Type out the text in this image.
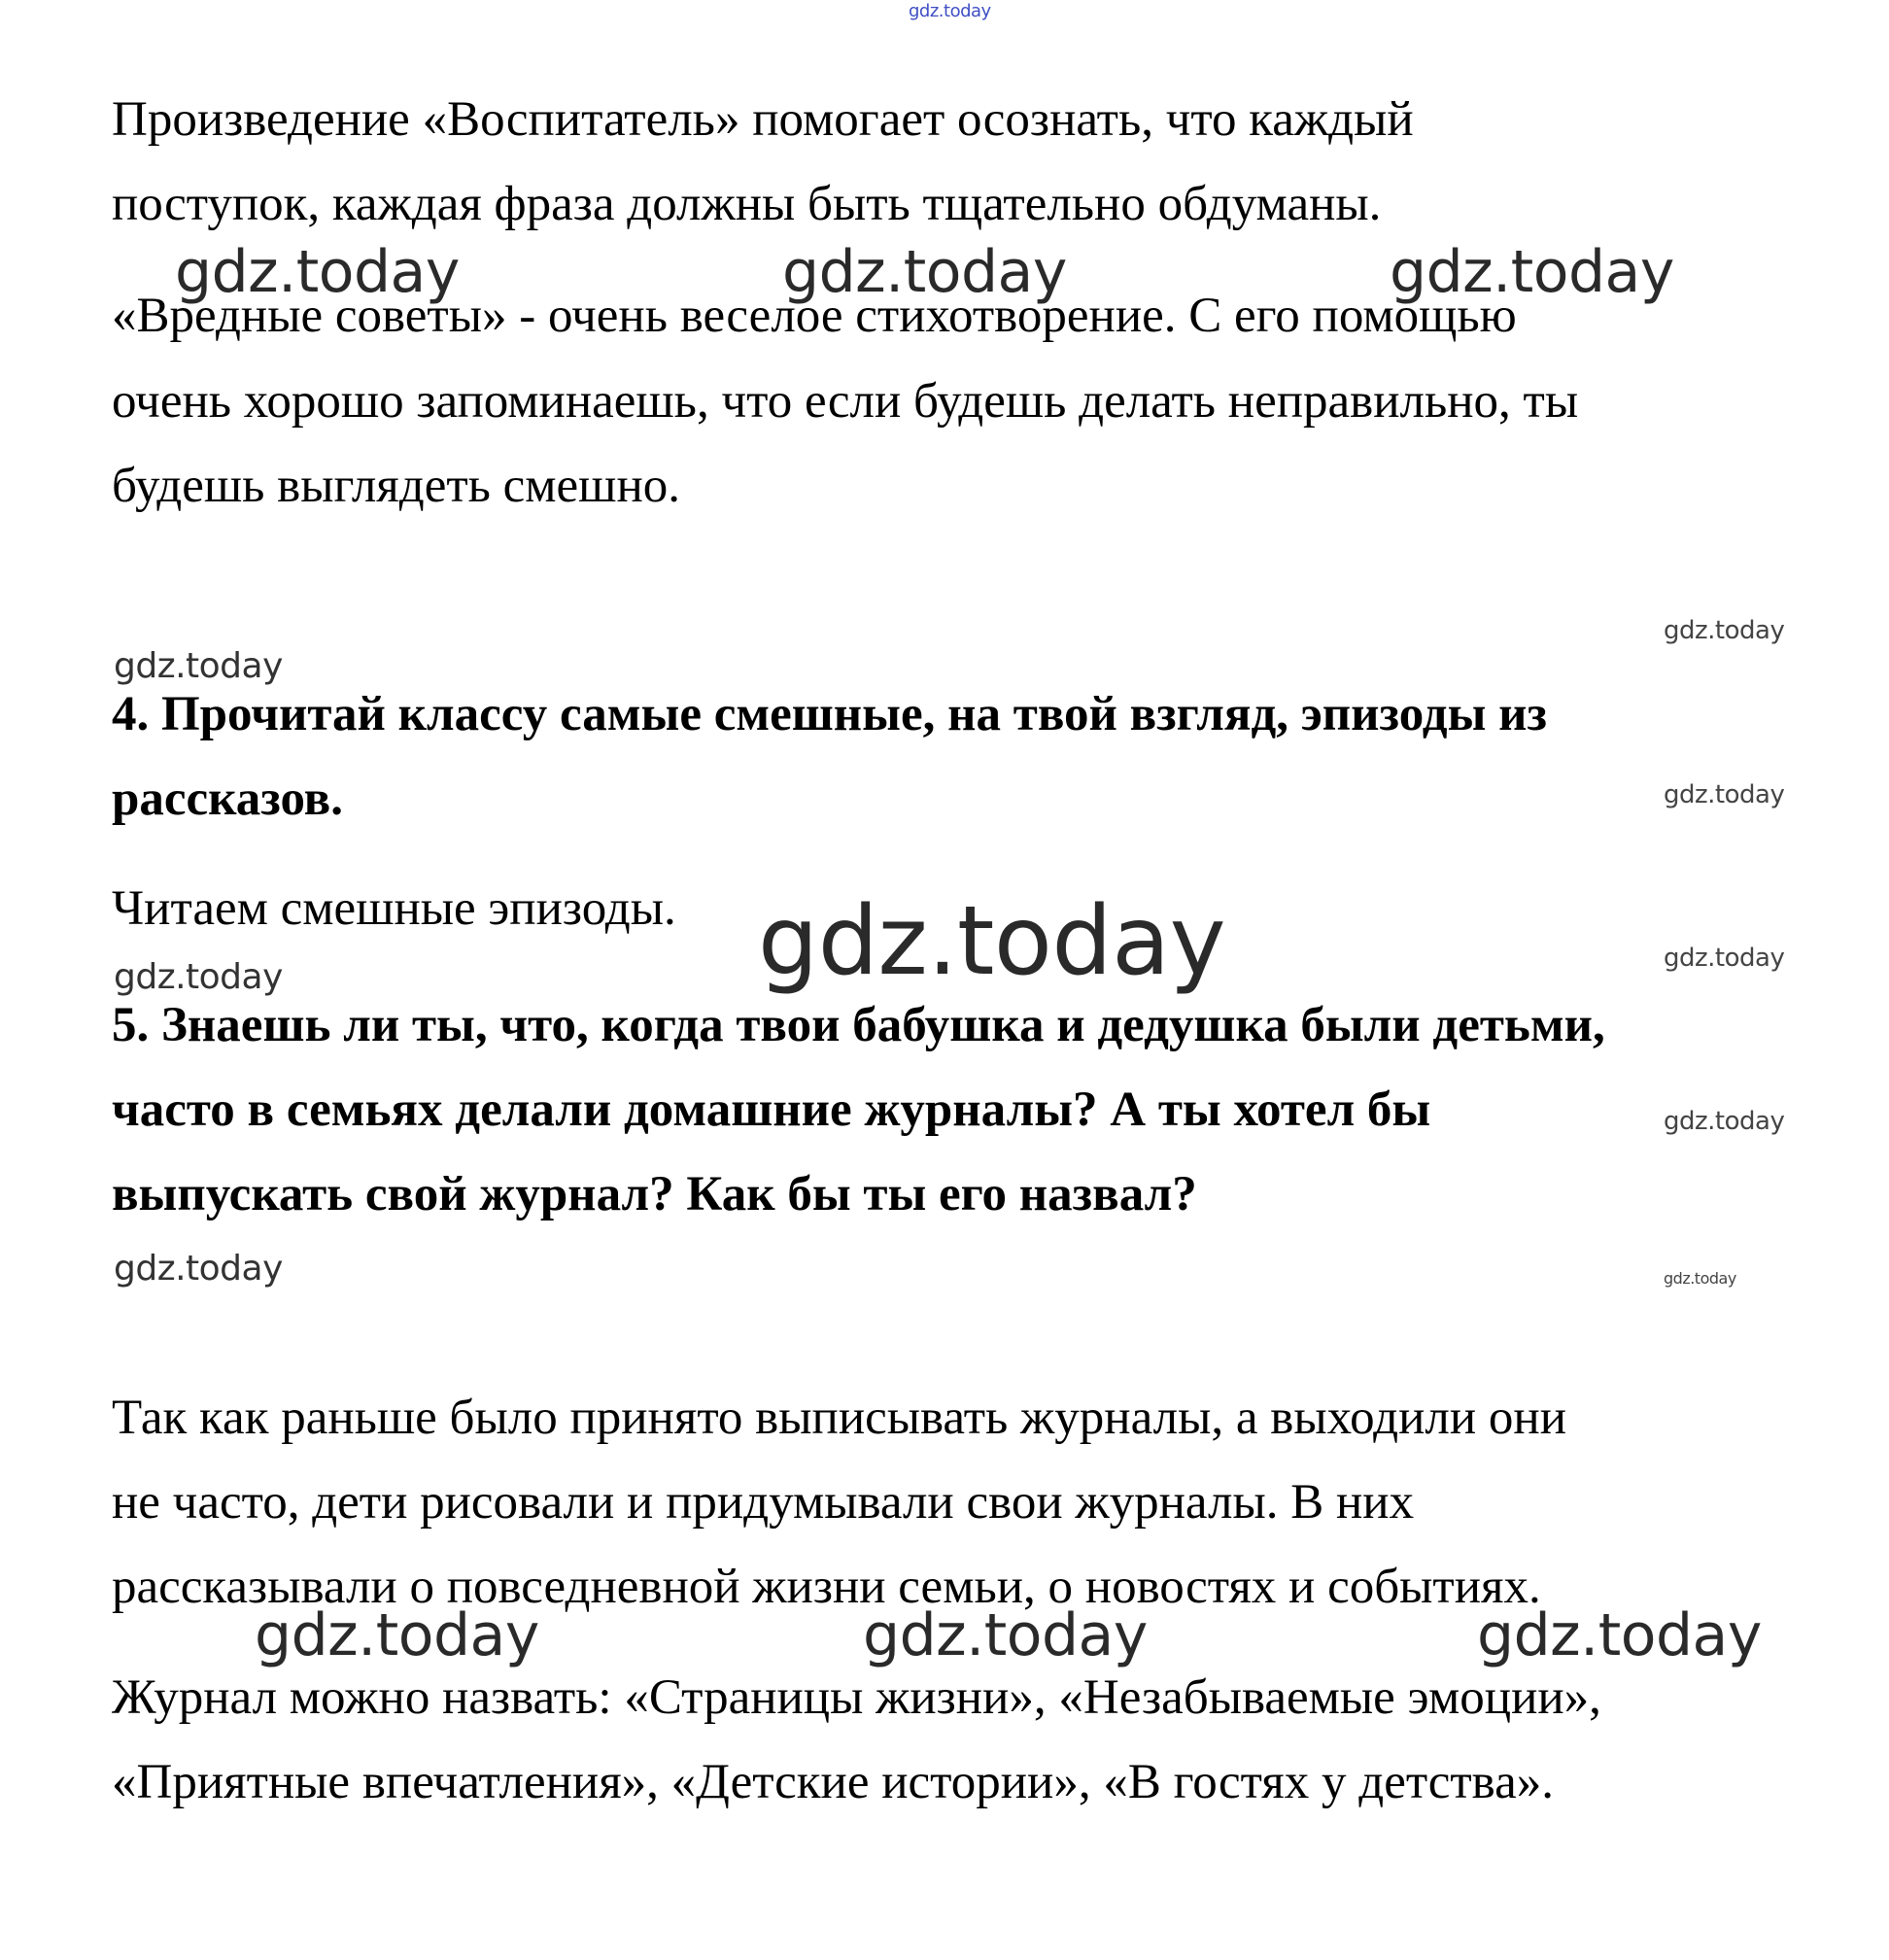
gdz.today
gdz.today	gdz.today	gdz.today
gdz.today
gdz.today
gdz.today
gdz.today	gdz.today
gdz.today
gdz.today
gdz.today	gdz.today
gdz.today	gdz.today	gdz.today
Произведение «Воспитатель» помогает осознать, что каждый
поступок, каждая фраза должны быть тщательно обдуманы.
«Вредные советы» - очень веселое стихотворение. С его помощью
очень хорошо запоминаешь, что если будешь делать неправильно, ты
будешь выглядеть смешно.
4. Прочитай классу самые смешные, на твой взгляд, эпизоды из
рассказов.
Читаем смешные эпизоды.
5. Знаешь ли ты, что, когда твои бабушка и дедушка были детьми,
часто в семьях делали домашние журналы? А ты хотел бы
выпускать свой журнал? Как бы ты его назвал?
Так как раньше было принято выписывать журналы, а выходили они
не часто, дети рисовали и придумывали свои журналы. В них
рассказывали о повседневной жизни семьи, о новостях и событиях.
Журнал можно назвать: «Страницы жизни», «Незабываемые эмоции»,
«Приятные впечатления», «Детские истории», «В гостях у детства».
